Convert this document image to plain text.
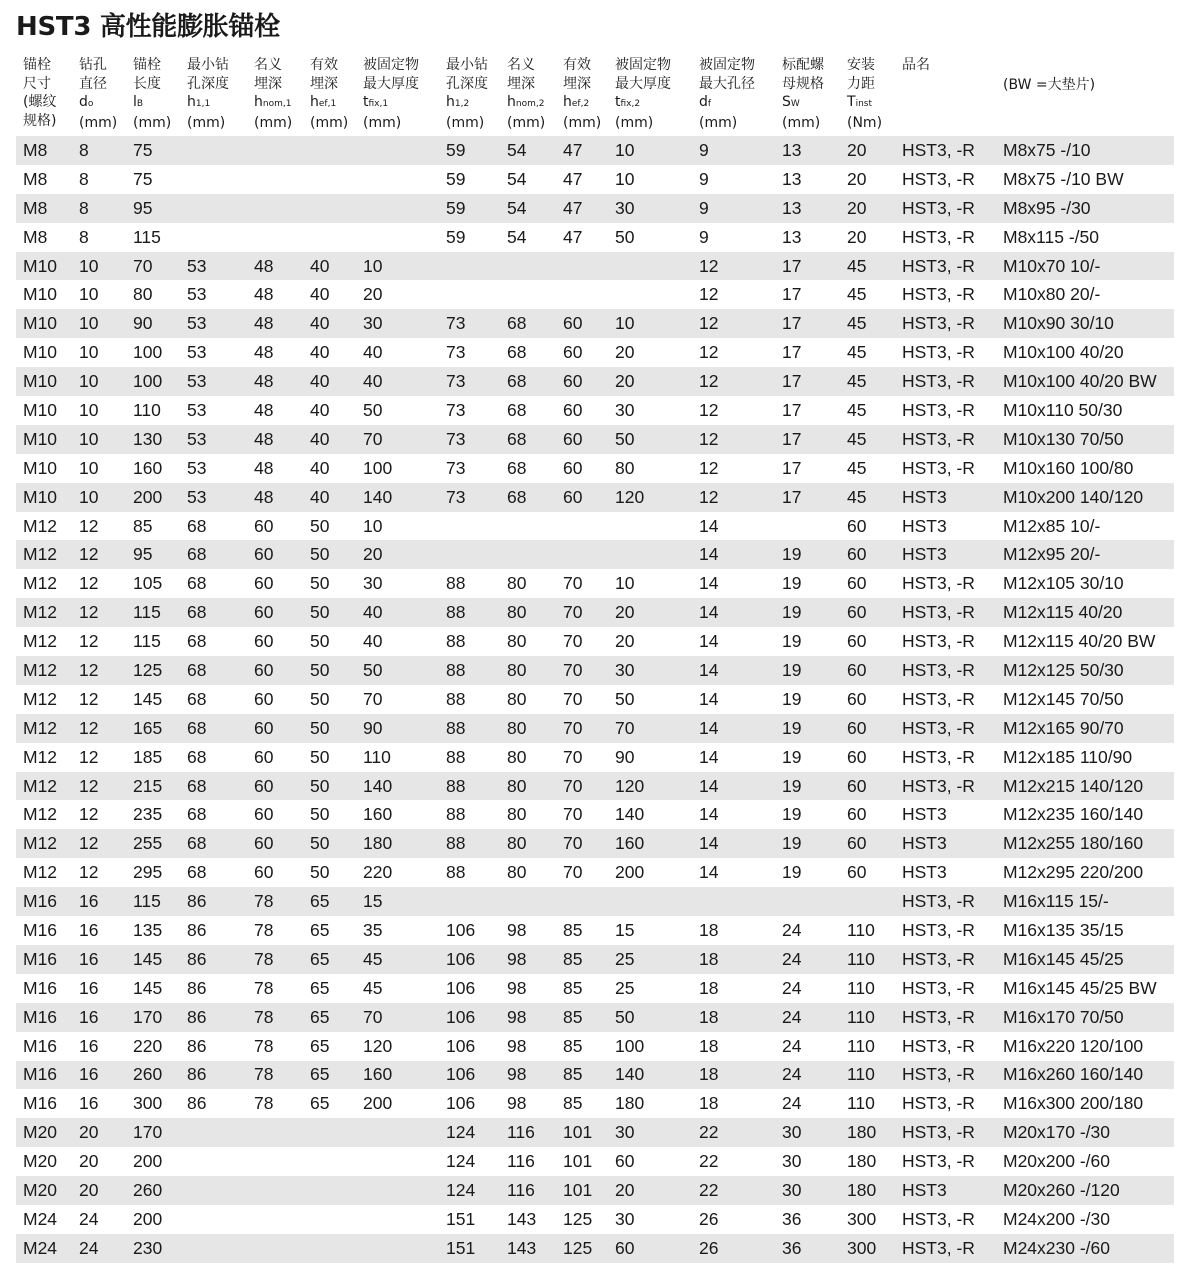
HST3 高性能膨胀锚栓
锚栓
尺寸
(螺纹
规格)	钻孔
直径
do
(mm)	锚栓
长度
lB
(mm)	最小钻
孔深度
h1,1
(mm)	名义
埋深
hnom,1
(mm)	有效
埋深
hef,1
(mm)	被固定物
最大厚度
tfix,1
(mm)	最小钻
孔深度
h1,2
(mm)	名义
埋深
hnom,2
(mm)	有效
埋深
hef,2
(mm)	被固定物
最大厚度
tfix,2
(mm)	被固定物
最大孔径
df
(mm)	标配螺
母规格
SW
(mm)	安装
力距
Tinst
(Nm)	品名	(BW =大垫片)

M8	8	75					59	54	47	10	9	13	20	HST3, -R	M8x75 -/10
M8	8	75					59	54	47	10	9	13	20	HST3, -R	M8x75 -/10 BW
M8	8	95					59	54	47	30	9	13	20	HST3, -R	M8x95 -/30
M8	8	115					59	54	47	50	9	13	20	HST3, -R	M8x115 -/50
M10	10	70	53	48	40	10					12	17	45	HST3, -R	M10x70 10/-
M10	10	80	53	48	40	20					12	17	45	HST3, -R	M10x80 20/-
M10	10	90	53	48	40	30	73	68	60	10	12	17	45	HST3, -R	M10x90 30/10
M10	10	100	53	48	40	40	73	68	60	20	12	17	45	HST3, -R	M10x100 40/20
M10	10	100	53	48	40	40	73	68	60	20	12	17	45	HST3, -R	M10x100 40/20 BW
M10	10	110	53	48	40	50	73	68	60	30	12	17	45	HST3, -R	M10x110 50/30
M10	10	130	53	48	40	70	73	68	60	50	12	17	45	HST3, -R	M10x130 70/50
M10	10	160	53	48	40	100	73	68	60	80	12	17	45	HST3, -R	M10x160 100/80
M10	10	200	53	48	40	140	73	68	60	120	12	17	45	HST3	M10x200 140/120
M12	12	85	68	60	50	10					14		60	HST3	M12x85 10/-
M12	12	95	68	60	50	20					14	19	60	HST3	M12x95 20/-
M12	12	105	68	60	50	30	88	80	70	10	14	19	60	HST3, -R	M12x105 30/10
M12	12	115	68	60	50	40	88	80	70	20	14	19	60	HST3, -R	M12x115 40/20
M12	12	115	68	60	50	40	88	80	70	20	14	19	60	HST3, -R	M12x115 40/20 BW
M12	12	125	68	60	50	50	88	80	70	30	14	19	60	HST3, -R	M12x125 50/30
M12	12	145	68	60	50	70	88	80	70	50	14	19	60	HST3, -R	M12x145 70/50
M12	12	165	68	60	50	90	88	80	70	70	14	19	60	HST3, -R	M12x165 90/70
M12	12	185	68	60	50	110	88	80	70	90	14	19	60	HST3, -R	M12x185 110/90
M12	12	215	68	60	50	140	88	80	70	120	14	19	60	HST3, -R	M12x215 140/120
M12	12	235	68	60	50	160	88	80	70	140	14	19	60	HST3	M12x235 160/140
M12	12	255	68	60	50	180	88	80	70	160	14	19	60	HST3	M12x255 180/160
M12	12	295	68	60	50	220	88	80	70	200	14	19	60	HST3	M12x295 220/200
M16	16	115	86	78	65	15								HST3, -R	M16x115 15/-
M16	16	135	86	78	65	35	106	98	85	15	18	24	110	HST3, -R	M16x135 35/15
M16	16	145	86	78	65	45	106	98	85	25	18	24	110	HST3, -R	M16x145 45/25
M16	16	145	86	78	65	45	106	98	85	25	18	24	110	HST3, -R	M16x145 45/25 BW
M16	16	170	86	78	65	70	106	98	85	50	18	24	110	HST3, -R	M16x170 70/50
M16	16	220	86	78	65	120	106	98	85	100	18	24	110	HST3, -R	M16x220 120/100
M16	16	260	86	78	65	160	106	98	85	140	18	24	110	HST3, -R	M16x260 160/140
M16	16	300	86	78	65	200	106	98	85	180	18	24	110	HST3, -R	M16x300 200/180
M20	20	170					124	116	101	30	22	30	180	HST3, -R	M20x170 -/30
M20	20	200					124	116	101	60	22	30	180	HST3, -R	M20x200 -/60
M20	20	260					124	116	101	20	22	30	180	HST3	M20x260 -/120
M24	24	200					151	143	125	30	26	36	300	HST3, -R	M24x200 -/30
M24	24	230					151	143	125	60	26	36	300	HST3, -R	M24x230 -/60
